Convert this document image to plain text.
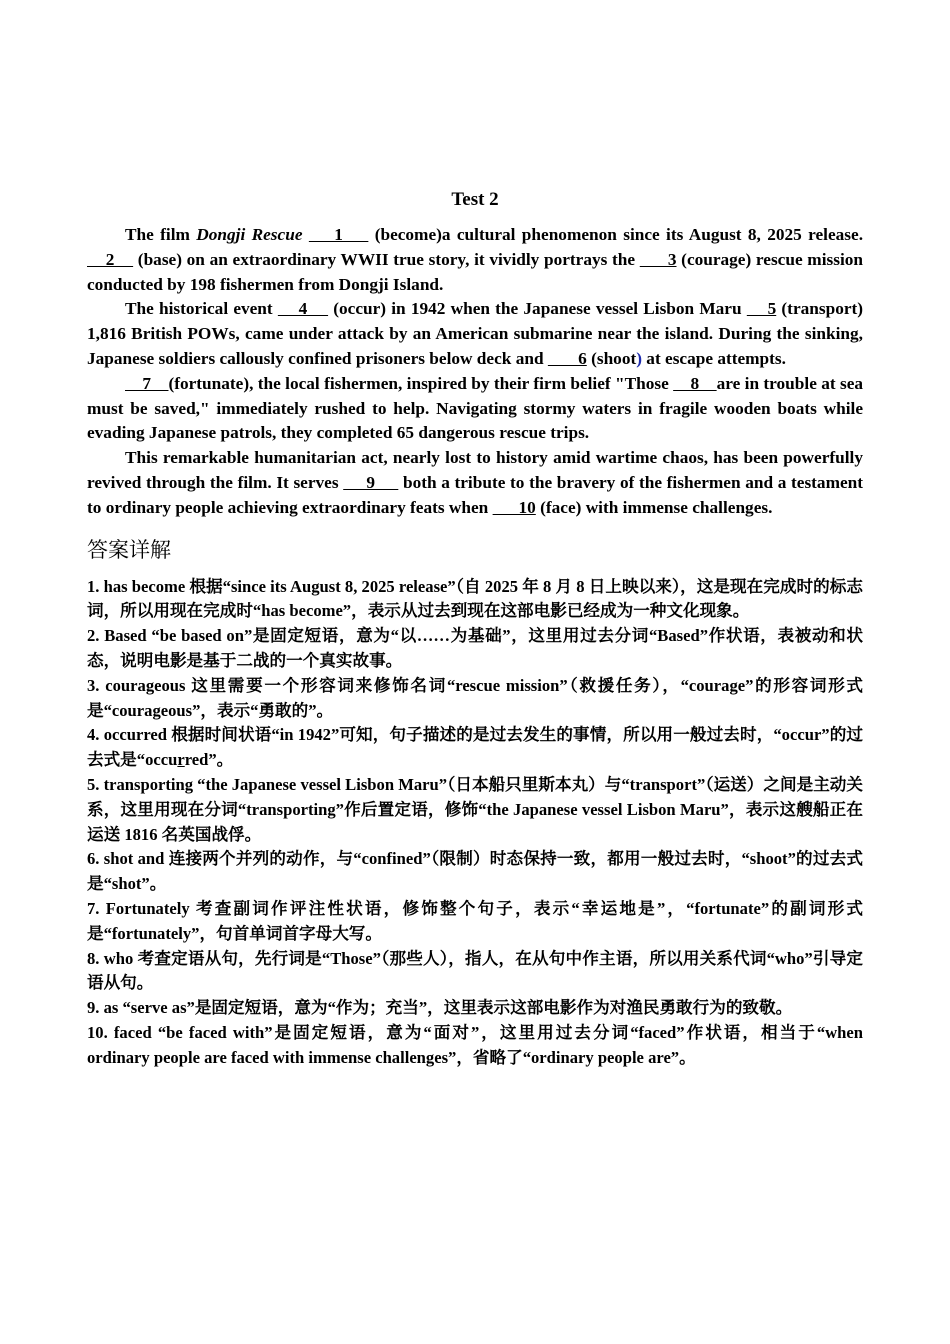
Test 2

The film Dongji Rescue     1     (become)a cultural phenomenon since its August 8, 2025 release.     2     (base) on an extraordinary WWII true story, it vividly portrays the       3 (courage) rescue mission conducted by 198 fishermen from Dongji Island.

The historical event     4     (occur) in 1942 when the Japanese vessel Lisbon Maru     5 (transport) 1,816 British POWs, came under attack by an American submarine near the island. During the sinking, Japanese soldiers callously confined prisoners below deck and        6 (shoot) at escape attempts.

7    (fortunate), the local fishermen, inspired by their firm belief "Those     8    are in trouble at sea must be saved," immediately rushed to help. Navigating stormy waters in fragile wooden boats while evading Japanese patrols, they completed 65 dangerous rescue trips.

This remarkable humanitarian act, nearly lost to history amid wartime chaos, has been powerfully revived through the film. It serves      9      both a tribute to the bravery of the fishermen and a testament to ordinary people achieving extraordinary feats when       10 (face) with immense challenges.

答案详解

1. has become 根据“since its August 8, 2025 release”（自 2025 年 8 月 8 日上映以来），这是现在完成时的标志词，所以用现在完成时“has become”，表示从过去到现在这部电影已经成为一种文化现象。

2. Based “be based on”是固定短语，意为“以……为基础”，这里用过去分词“Based”作状语，表被动和状态，说明电影是基于二战的一个真实故事。

3. courageous 这里需要一个形容词来修饰名词“rescue mission”（救援任务），“courage”的形容词形式是“courageous”，表示“勇敢的”。

4. occurred 根据时间状语“in 1942”可知，句子描述的是过去发生的事情，所以用一般过去时，“occur”的过去式是“occurred”。

5. transporting “the Japanese vessel Lisbon Maru”（日本船只里斯本丸）与“transport”（运送）之间是主动关系，这里用现在分词“transporting”作后置定语，修饰“the Japanese vessel Lisbon Maru”，表示这艘船正在运送 1816 名英国战俘。

6. shot and 连接两个并列的动作，与“confined”（限制）时态保持一致，都用一般过去时，“shoot”的过去式是“shot”。

7. Fortunately 考查副词作评注性状语，修饰整个句子，表示“幸运地是”，“fortunate”的副词形式是“fortunately”，句首单词首字母大写。

8. who 考查定语从句，先行词是“Those”（那些人），指人，在从句中作主语，所以用关系代词“who”引导定语从句。

9. as “serve as”是固定短语，意为“作为；充当”，这里表示这部电影作为对渔民勇敢行为的致敬。

10. faced “be faced with”是固定短语，意为“面对”，这里用过去分词“faced”作状语，相当于“when ordinary people are faced with immense challenges”，省略了“ordinary people are”。
